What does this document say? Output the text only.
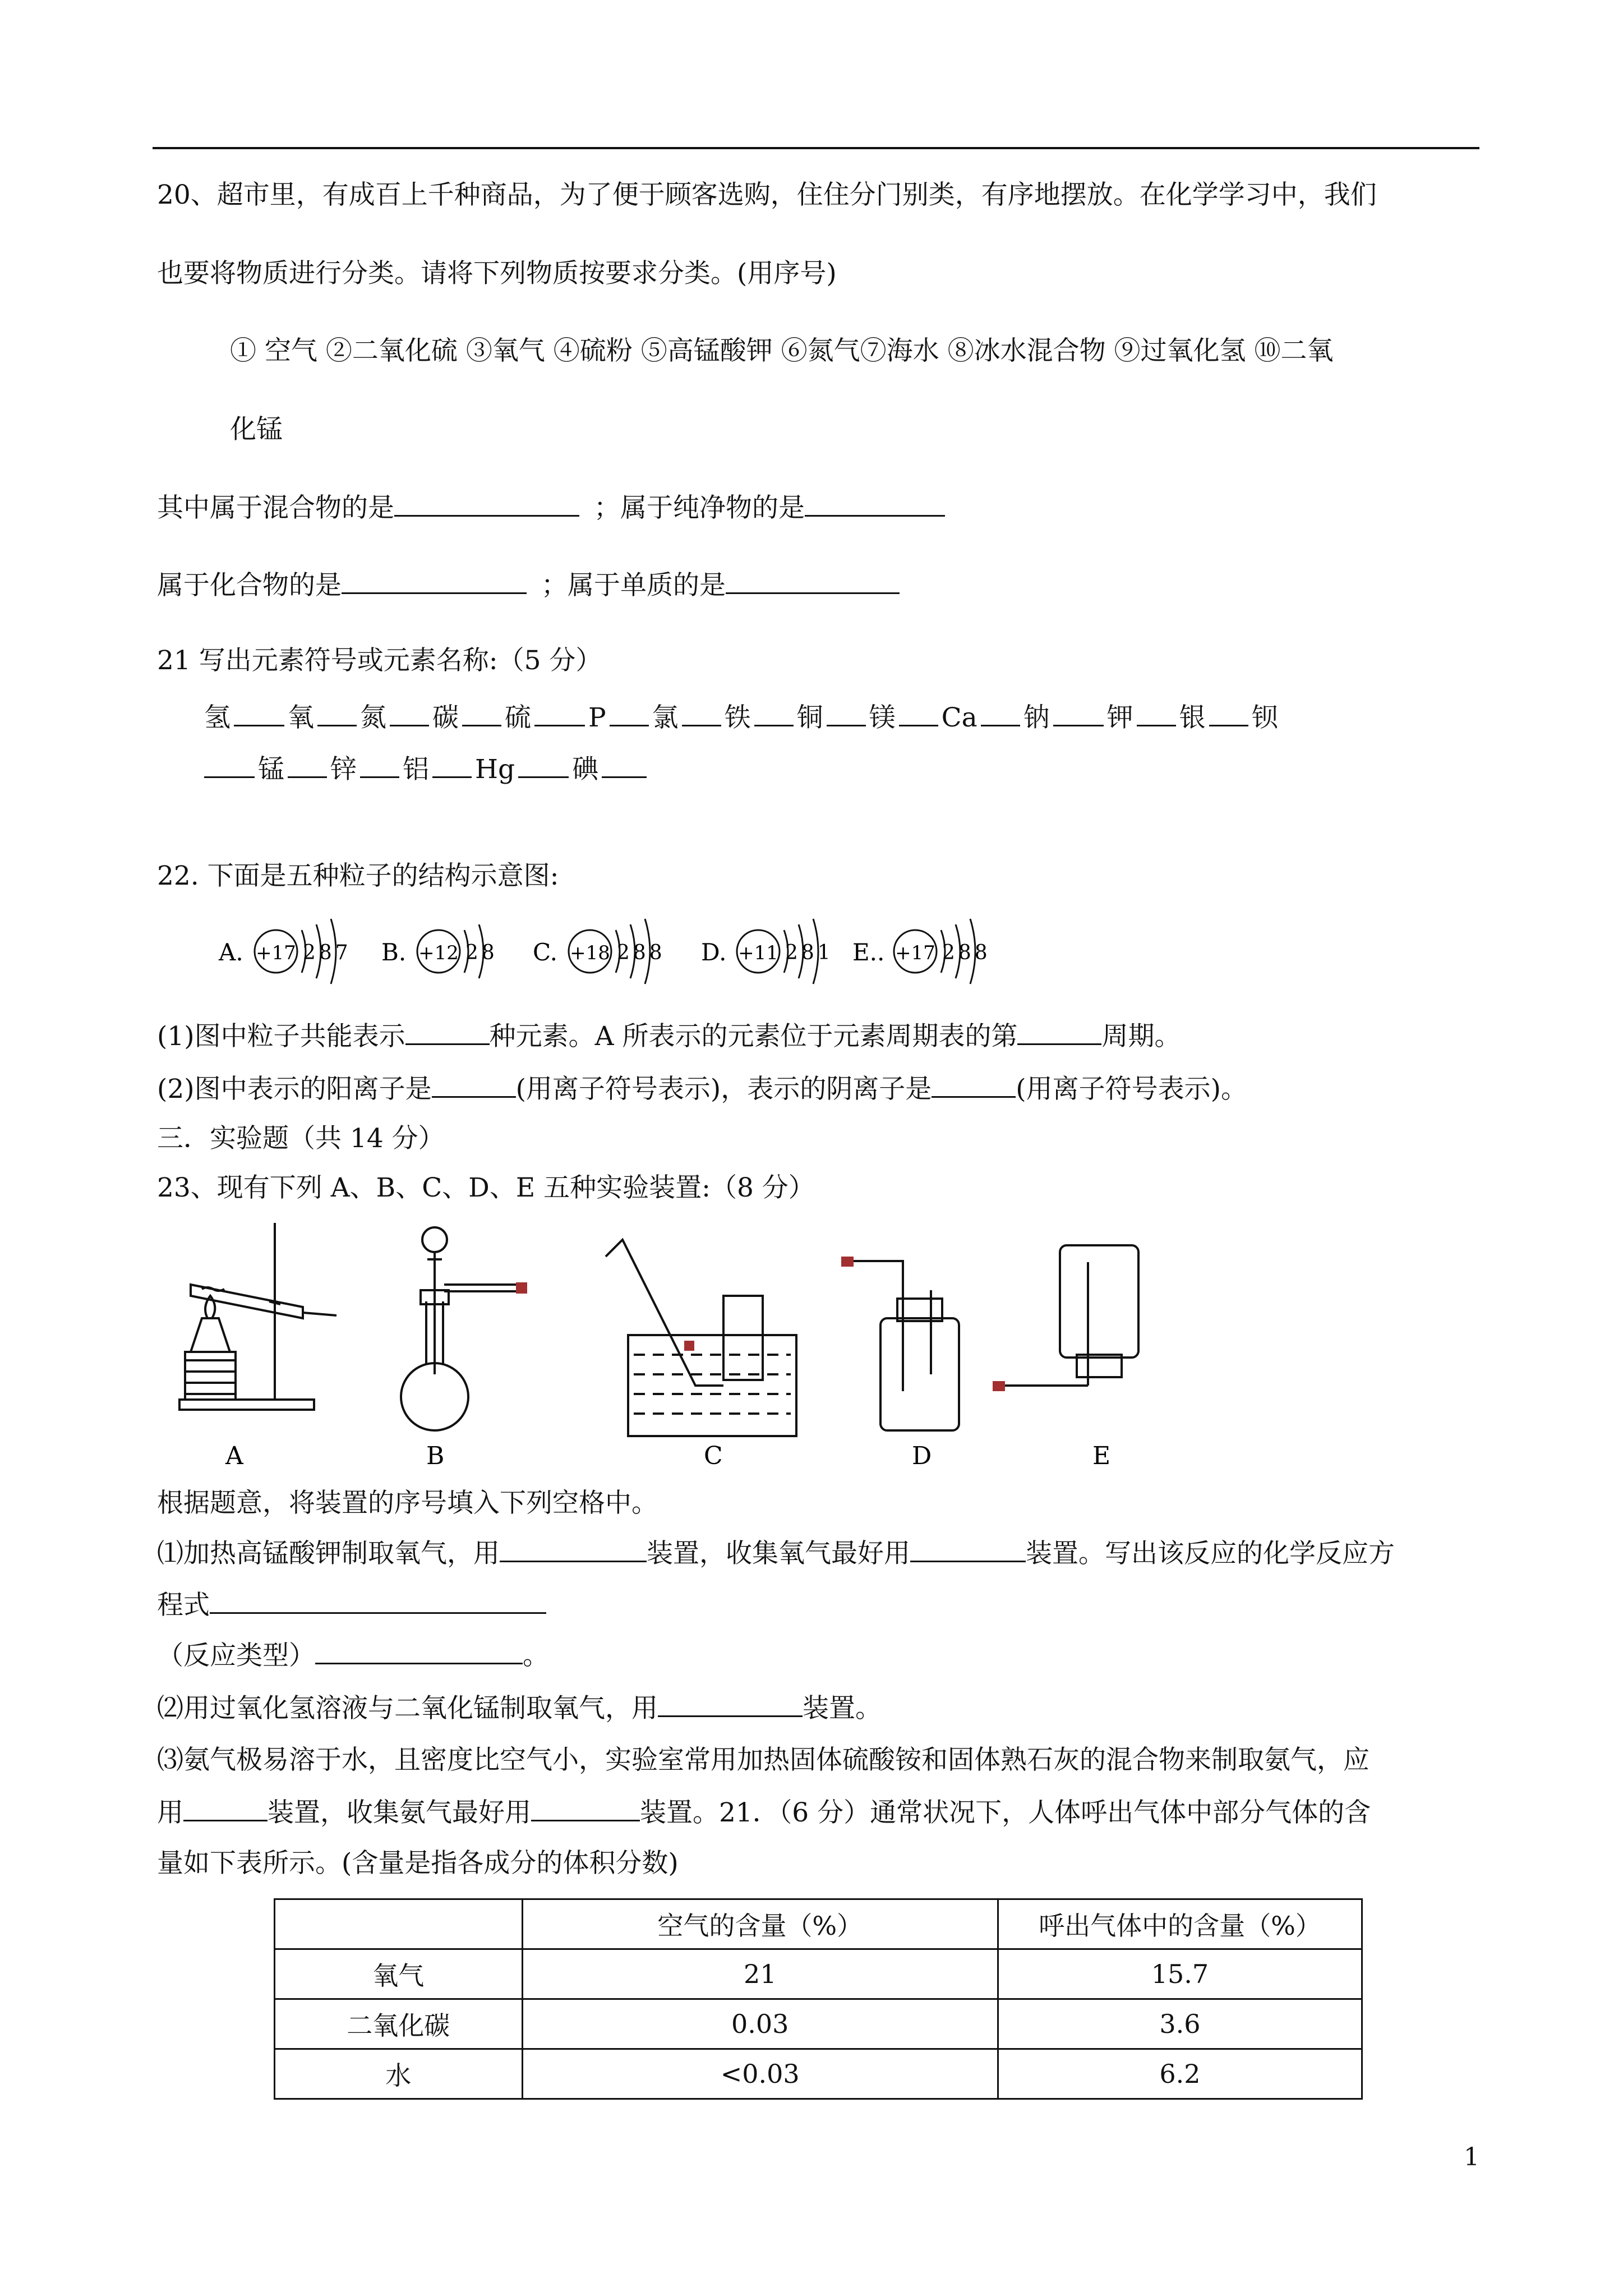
20、超市里，有成百上千种商品，为了便于顾客选购，住住分门别类，有序地摆放。在化学学习中，我们
也要将物质进行分类。请将下列物质按要求分类。(用序号)
① 空气 ②二氧化硫 ③氧气 ④硫粉 ⑤高锰酸钾 ⑥氮气⑦海水 ⑧冰水混合物 ⑨过氧化氢 ⑩二氧
化锰
其中属于混合物的是	；属于纯净物的是
属于化合物的是	；属于单质的是
21 写出元素符号或元素名称:（5 分）
氢 氧 氮 碳 硫 P 氯 铁 铜 镁 Ca 钠 钾 银 钡
锰 锌 铝 Hg 碘
22. 下面是五种粒子的结构示意图:
A. +17 287 B. +12 28 C. +18 288 D. +11 281 E.. +17 288
(1)图中粒子共能表示	种元素。A 所表示的元素位于元素周期表的第	周期。
(2)图中表示的阳离子是	(用离子符号表示)，表示的阴离子是	(用离子符号表示)。
三．实验题（共 14 分）
23、现有下列 A、B、C、D、E 五种实验装置:（8 分）
A	B	C	D	E
根据题意，将装置的序号填入下列空格中。
⑴加热高锰酸钾制取氧气，用	装置，收集氧气最好用	装置。写出该反应的化学反应方
程式
（反应类型）	。
⑵用过氧化氢溶液与二氧化锰制取氧气，用	装置。
⑶氨气极易溶于水，且密度比空气小，实验室常用加热固体硫酸铵和固体熟石灰的混合物来制取氨气，应
用	装置，收集氨气最好用	装置。21．（6 分）通常状况下，人体呼出气体中部分气体的含
量如下表所示。(含量是指各成分的体积分数)
	空气的含量（%）	呼出气体中的含量（%）
氧气	21	15.7
二氧化碳	0.03	3.6
水	<0.03	6.2
1
